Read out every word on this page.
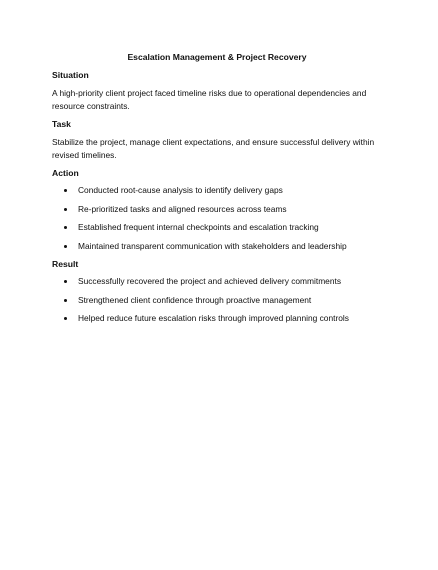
Escalation Management & Project Recovery
Situation
A high-priority client project faced timeline risks due to operational dependencies and resource constraints.
Task
Stabilize the project, manage client expectations, and ensure successful delivery within revised timelines.
Action
Conducted root-cause analysis to identify delivery gaps
Re-prioritized tasks and aligned resources across teams
Established frequent internal checkpoints and escalation tracking
Maintained transparent communication with stakeholders and leadership
Result
Successfully recovered the project and achieved delivery commitments
Strengthened client confidence through proactive management
Helped reduce future escalation risks through improved planning controls
